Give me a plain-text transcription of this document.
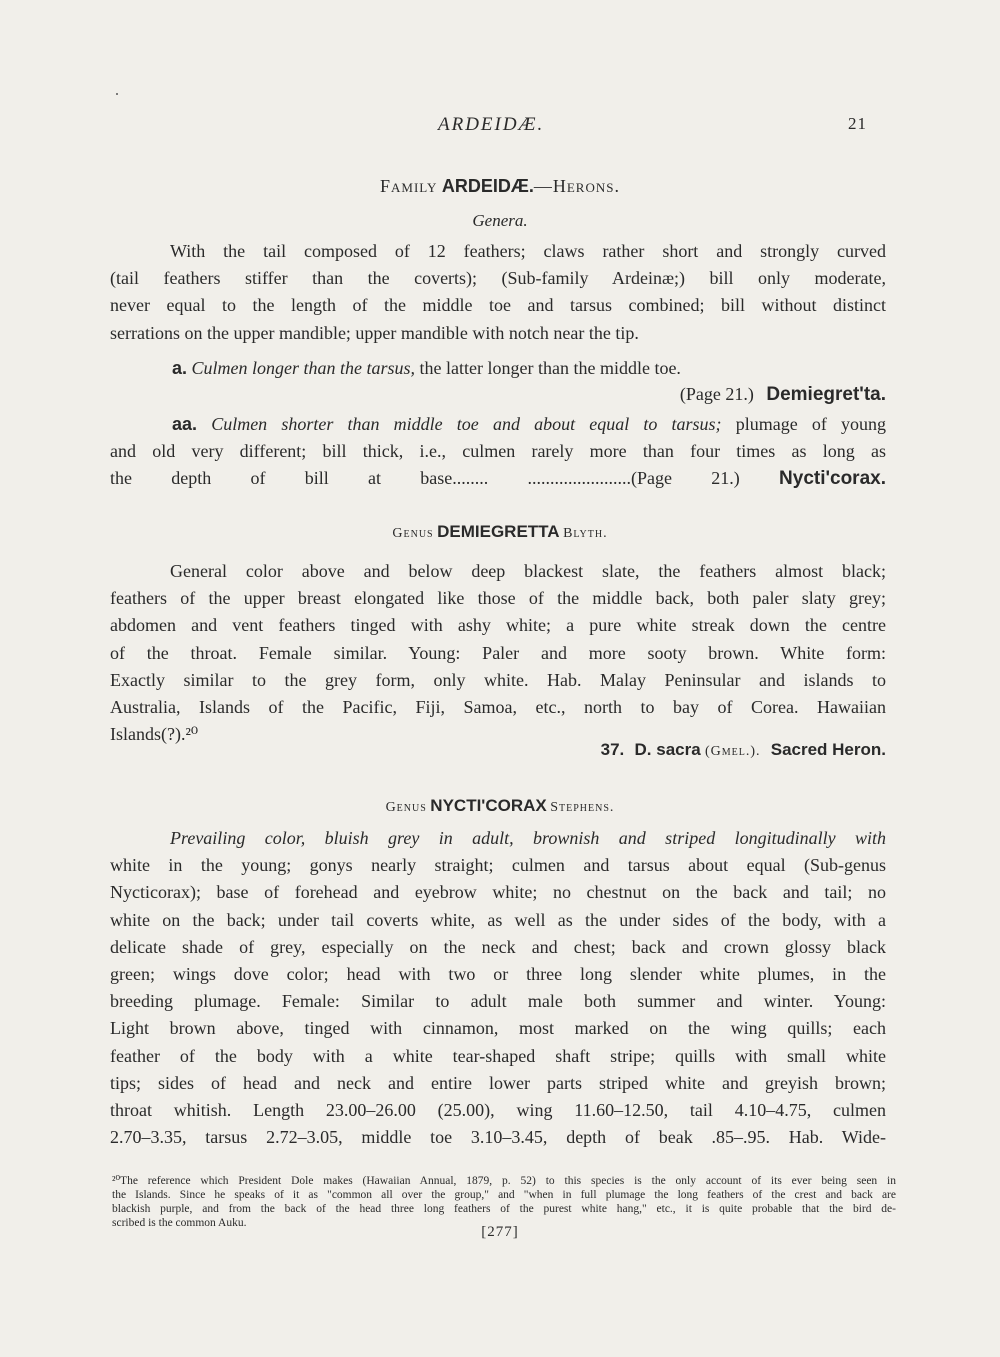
ARDEIDÆ.	21
Family ARDEIDÆ.—Herons.
Genera.
With the tail composed of 12 feathers; claws rather short and strongly curved
(tail feathers stiffer than the coverts); (Sub-family Ardeinæ;) bill only moderate,
never equal to the length of the middle toe and tarsus combined; bill without distinct
serrations on the upper mandible; upper mandible with notch near the tip.
a. Culmen longer than the tarsus, the latter longer than the middle toe.
(Page 21.) Demiegret'ta.
aa. Culmen shorter than middle toe and about equal to tarsus; plumage of young
and old very different; bill thick, i.e., culmen rarely more than four times as long as
the depth of bill at base........ .......................(Page 21.) Nycti'corax.
Genus DEMIEGRETTA Blyth.
General color above and below deep blackest slate, the feathers almost black;
feathers of the upper breast elongated like those of the middle back, both paler slaty grey;
abdomen and vent feathers tinged with ashy white; a pure white streak down the centre
of the throat. Female similar. Young: Paler and more sooty brown. White form:
Exactly similar to the grey form, only white. Hab. Malay Peninsular and islands to
Australia, Islands of the Pacific, Fiji, Samoa, etc., north to bay of Corea. Hawaiian
Islands(?).²⁰
37. D. sacra (Gmel.). Sacred Heron.
Genus NYCTI'CORAX Stephens.
Prevailing color, bluish grey in adult, brownish and striped longitudinally with
white in the young; gonys nearly straight; culmen and tarsus about equal (Sub-genus
Nycticorax); base of forehead and eyebrow white; no chestnut on the back and tail; no
white on the back; under tail coverts white, as well as the under sides of the body, with a
delicate shade of grey, especially on the neck and chest; back and crown glossy black
green; wings dove color; head with two or three long slender white plumes, in the
breeding plumage. Female: Similar to adult male both summer and winter. Young:
Light brown above, tinged with cinnamon, most marked on the wing quills; each
feather of the body with a white tear-shaped shaft stripe; quills with small white
tips; sides of head and neck and entire lower parts striped white and greyish brown;
throat whitish. Length 23.00–26.00 (25.00), wing 11.60–12.50, tail 4.10–4.75, culmen
2.70–3.35, tarsus 2.72–3.05, middle toe 3.10–3.45, depth of beak .85–.95. Hab. Wide-
²⁰The reference which President Dole makes (Hawaiian Annual, 1879, p. 52) to this species is the only account of its ever being seen in
the Islands. Since he speaks of it as "common all over the group," and "when in full plumage the long feathers of the crest and back are
blackish purple, and from the back of the head three long feathers of the purest white hang," etc., it is quite probable that the bird de-
scribed is the common Auku.
[277]
